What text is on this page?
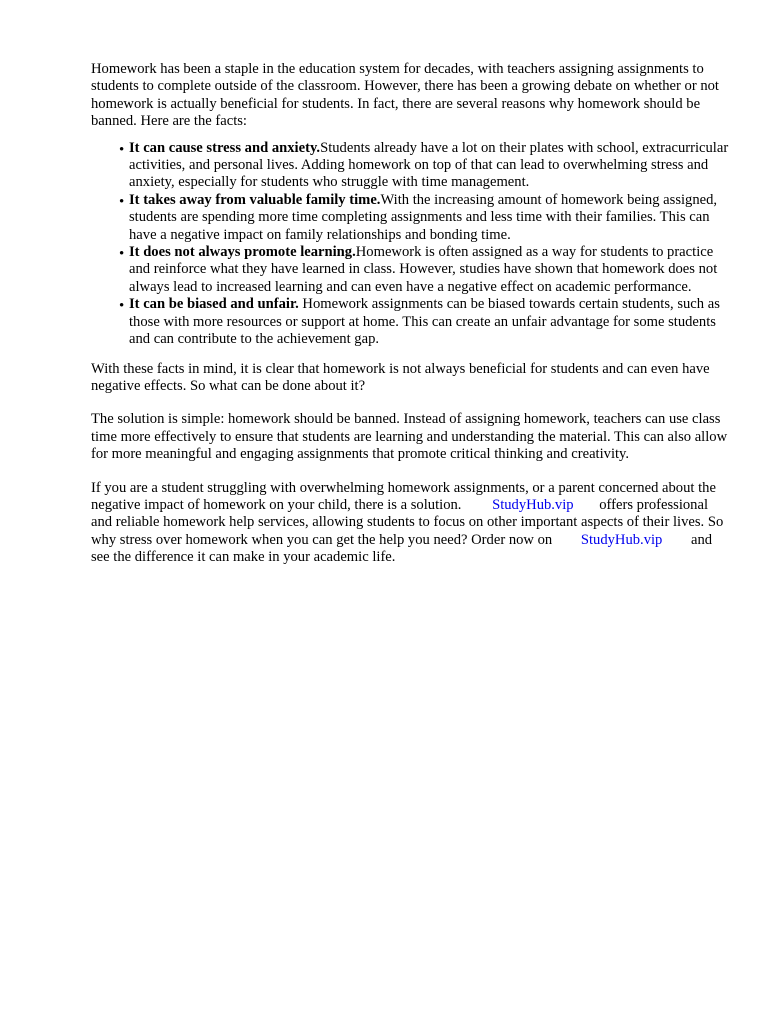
Homework has been a staple in the education system for decades, with teachers assigning assignments to students to complete outside of the classroom. However, there has been a growing debate on whether or not homework is actually beneficial for students. In fact, there are several reasons why homework should be banned. Here are the facts:

• It can cause stress and anxiety.Students already have a lot on their plates with school, extracurricular activities, and personal lives. Adding homework on top of that can lead to overwhelming stress and anxiety, especially for students who struggle with time management.
• It takes away from valuable family time.With the increasing amount of homework being assigned, students are spending more time completing assignments and less time with their families. This can have a negative impact on family relationships and bonding time.
• It does not always promote learning.Homework is often assigned as a way for students to practice and reinforce what they have learned in class. However, studies have shown that homework does not always lead to increased learning and can even have a negative effect on academic performance.
• It can be biased and unfair. Homework assignments can be biased towards certain students, such as those with more resources or support at home. This can create an unfair advantage for some students and can contribute to the achievement gap.

With these facts in mind, it is clear that homework is not always beneficial for students and can even have negative effects. So what can be done about it?

The solution is simple: homework should be banned. Instead of assigning homework, teachers can use class time more effectively to ensure that students are learning and understanding the material. This can also allow for more meaningful and engaging assignments that promote critical thinking and creativity.

If you are a student struggling with overwhelming homework assignments, or a parent concerned about the negative impact of homework on your child, there is a solution. StudyHub.vip offers professional and reliable homework help services, allowing students to focus on other important aspects of their lives. So why stress over homework when you can get the help you need? Order now on StudyHub.vip and see the difference it can make in your academic life.
